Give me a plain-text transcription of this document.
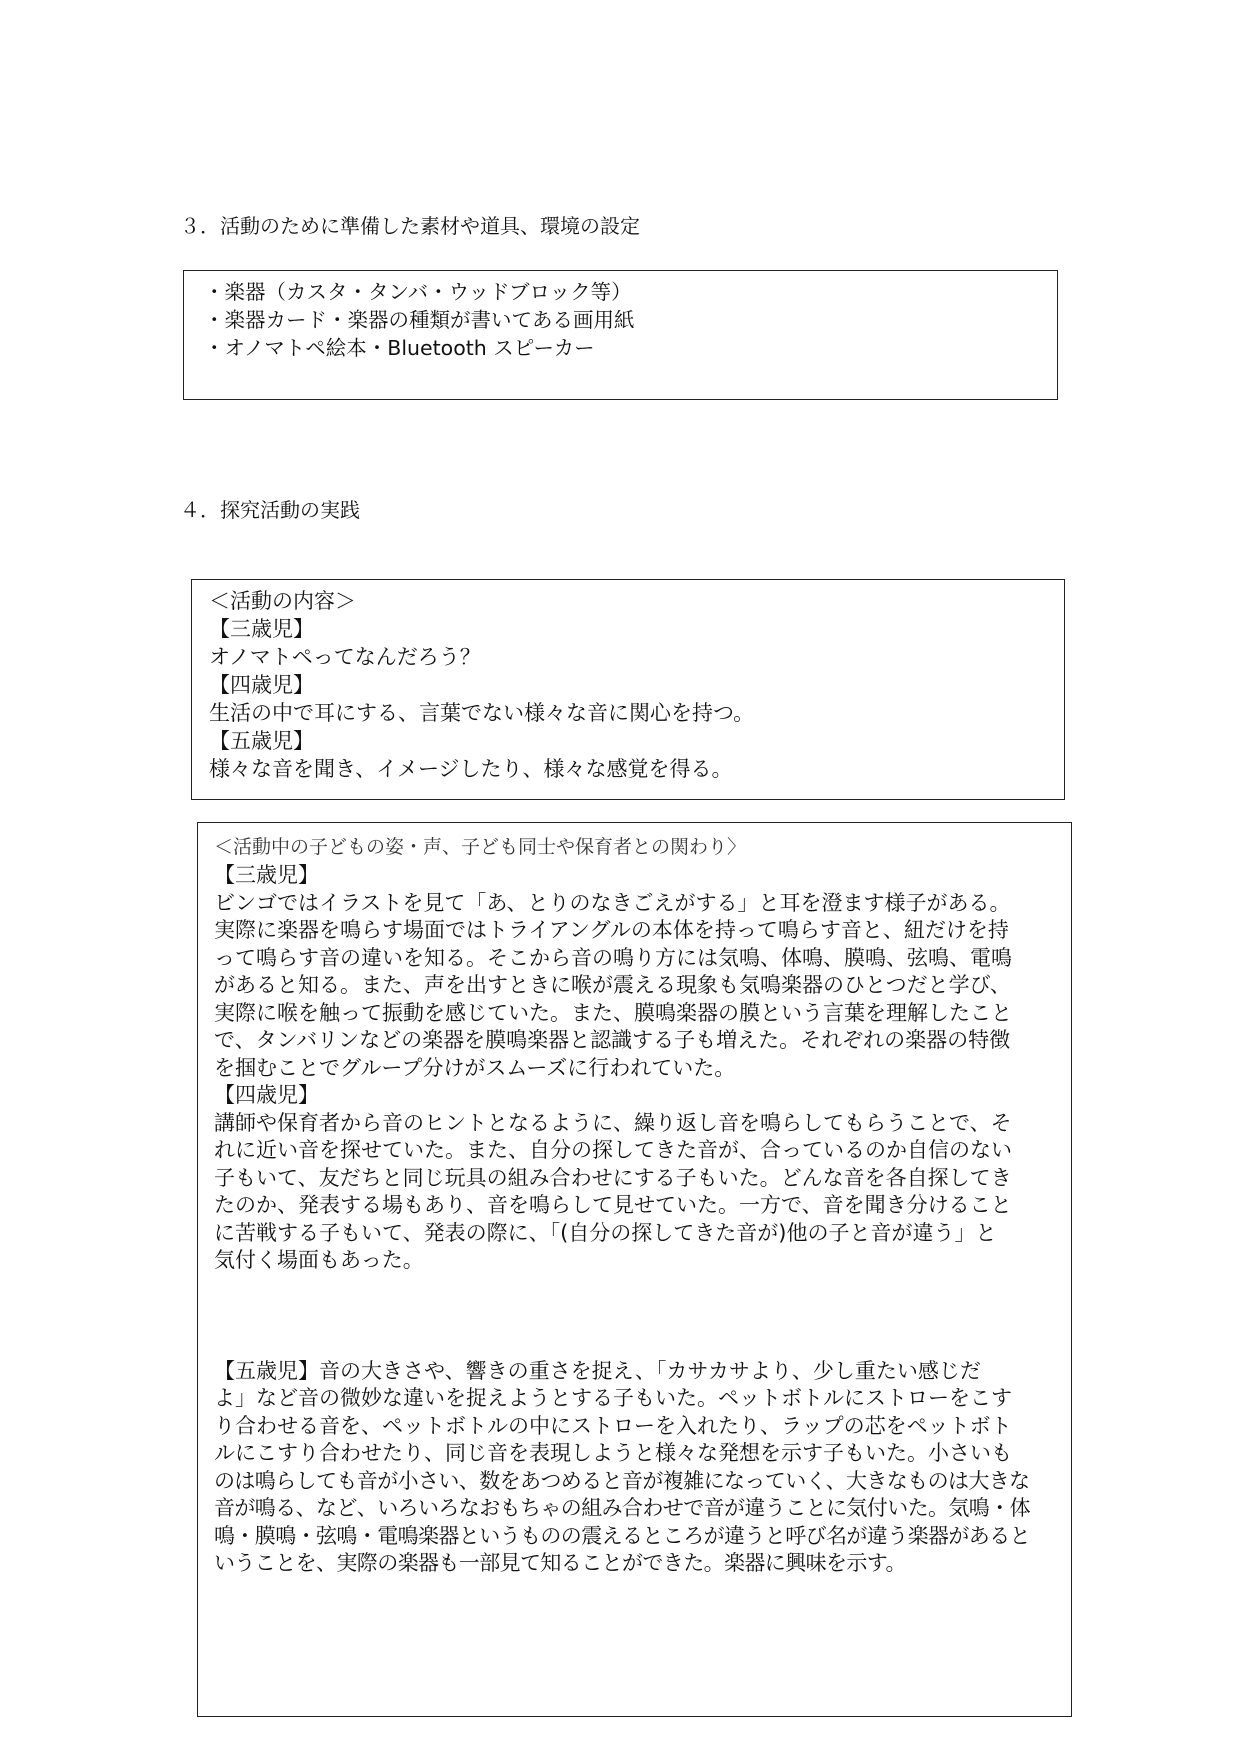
３．活動のために準備した素材や道具、環境の設定
・楽器（カスタ・タンバ・ウッドブロック等）
・楽器カード・楽器の種類が書いてある画用紙
・オノマトペ絵本・Bluetooth スピーカー
４．探究活動の実践
＜活動の内容＞
【三歳児】
オノマトペってなんだろう？
【四歳児】
生活の中で耳にする、言葉でない様々な音に関心を持つ。
【五歳児】
様々な音を聞き、イメージしたり、様々な感覚を得る。
＜活動中の子どもの姿・声、子ども同士や保育者との関わり〉
【三歳児】
ビンゴではイラストを見て「あ、とりのなきごえがする」と耳を澄ます様子がある。
実際に楽器を鳴らす場面ではトライアングルの本体を持って鳴らす音と、紐だけを持
って鳴らす音の違いを知る。そこから音の鳴り方には気鳴、体鳴、膜鳴、弦鳴、電鳴
があると知る。また、声を出すときに喉が震える現象も気鳴楽器のひとつだと学び、
実際に喉を触って振動を感じていた。また、膜鳴楽器の膜という言葉を理解したこと
で、タンバリンなどの楽器を膜鳴楽器と認識する子も増えた。それぞれの楽器の特徴
を掴むことでグループ分けがスムーズに行われていた。
【四歳児】
講師や保育者から音のヒントとなるように、繰り返し音を鳴らしてもらうことで、そ
れに近い音を探せていた。また、自分の探してきた音が、合っているのか自信のない
子もいて、友だちと同じ玩具の組み合わせにする子もいた。どんな音を各自探してき
たのか、発表する場もあり、音を鳴らして見せていた。一方で、音を聞き分けること
に苦戦する子もいて、発表の際に、「(自分の探してきた音が)他の子と音が違う」と
気付く場面もあった。
【五歳児】音の大きさや、響きの重さを捉え、「カサカサより、少し重たい感じだ
よ」など音の微妙な違いを捉えようとする子もいた。ペットボトルにストローをこす
り合わせる音を、ペットボトルの中にストローを入れたり、ラップの芯をペットボト
ルにこすり合わせたり、同じ音を表現しようと様々な発想を示す子もいた。小さいも
のは鳴らしても音が小さい、数をあつめると音が複雑になっていく、大きなものは大きな
音が鳴る、など、いろいろなおもちゃの組み合わせで音が違うことに気付いた。気鳴・体
鳴・膜鳴・弦鳴・電鳴楽器というものの震えるところが違うと呼び名が違う楽器があると
いうことを、実際の楽器も一部見て知ることができた。楽器に興味を示す。
